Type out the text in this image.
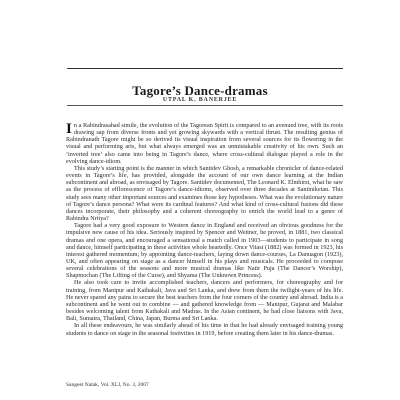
Tagore’s Dance-dramas
UTPAL K. BANERJEE

In a Rabindrasahad simile, the evolution of the Tagorean Spirit is compared to an avenued tree, with its roots drawing sap from diverse fronts and yet growing skywards with a vertical thrust. The resulting genius of Rabindranath Tagore might be so derived its visual inspiration from several sources for its flowering in the visual and performing arts, but what always emerged was an unmistakable creativity of his own. Such an ‘inverted tree’ also came into being in Tagore’s dance, where cross-cultural dialogue played a role in the evolving dance-idiom.

This study’s starting point is the manner in which Santidev Ghosh, a remarkable chronicler of dance-related events in Tagore’s life, has provided, alongside the account of our own dance learning at the Indian subcontinent and abroad, as envisaged by Tagore. Santidev documented, The Leonard K. Elmhirst, what he saw as the process of efflorescence of Tagore’s dance-idioms, observed over three decades at Santiniketan. This study sees many other important sources and examines those key hypotheses. What was the evolutionary nature of Tagore’s dance persona? What were its cardinal features? And what kind of cross-cultural fusions did these dances incorporate, their philosophy and a coherent choreography to enrich the world lead to a genre of Rabindra Nritya?

Tagore had a very good exposure to Western dance in England and received an obvious goodness for the impulsive new cause of his idea. Seriously inspired by Spencer and Weitner, he proved, in 1881, two classical dramas and one opera, and encouraged a sensational a match called in 1903—students to participate in song and dance, himself participating in these activities whole heartedly. Once Vitasi (1882) was formed in 1923, his interest gathered momentum; by appointing dance-teachers, laying down dance-courses, La Danuagon (1923), UK, and often appearing on stage as a dancer himself in his plays and musicals. He proceeded to compose several celebrations of the seasons and more musical dramas like Natir Puja (The Dancer’s Worship), Shapmochan (The Lifting of the Curse), and Shyama (The Unknown Princess).

He also took care to invite accomplished teachers, dancers and performers, for choreography and for training, from Manipur and Kathakali, Java and Sri Lanka, and drew from them the twilight-years of his life. He never spared any pains to secure the best teachers from the four corners of the country and abroad. India is a subcontinent and he went out to combine — and gathered knowledge from — Manipur, Gujarat and Malabar besides welcoming talent from Kathakali and Madras. In the Asian continent, he had close liaisons with Java, Bali, Sumatra, Thailand, China, Japan, Burma and Sri Lanka.

In all these endeavours, he was similarly ahead of his time in that he had already envisaged training young students to dance on stage in the seasonal festivities in 1919, before creating them later in his dance-dramas.

Sangeet Natak, Vol. XLI, No. 3, 2007
